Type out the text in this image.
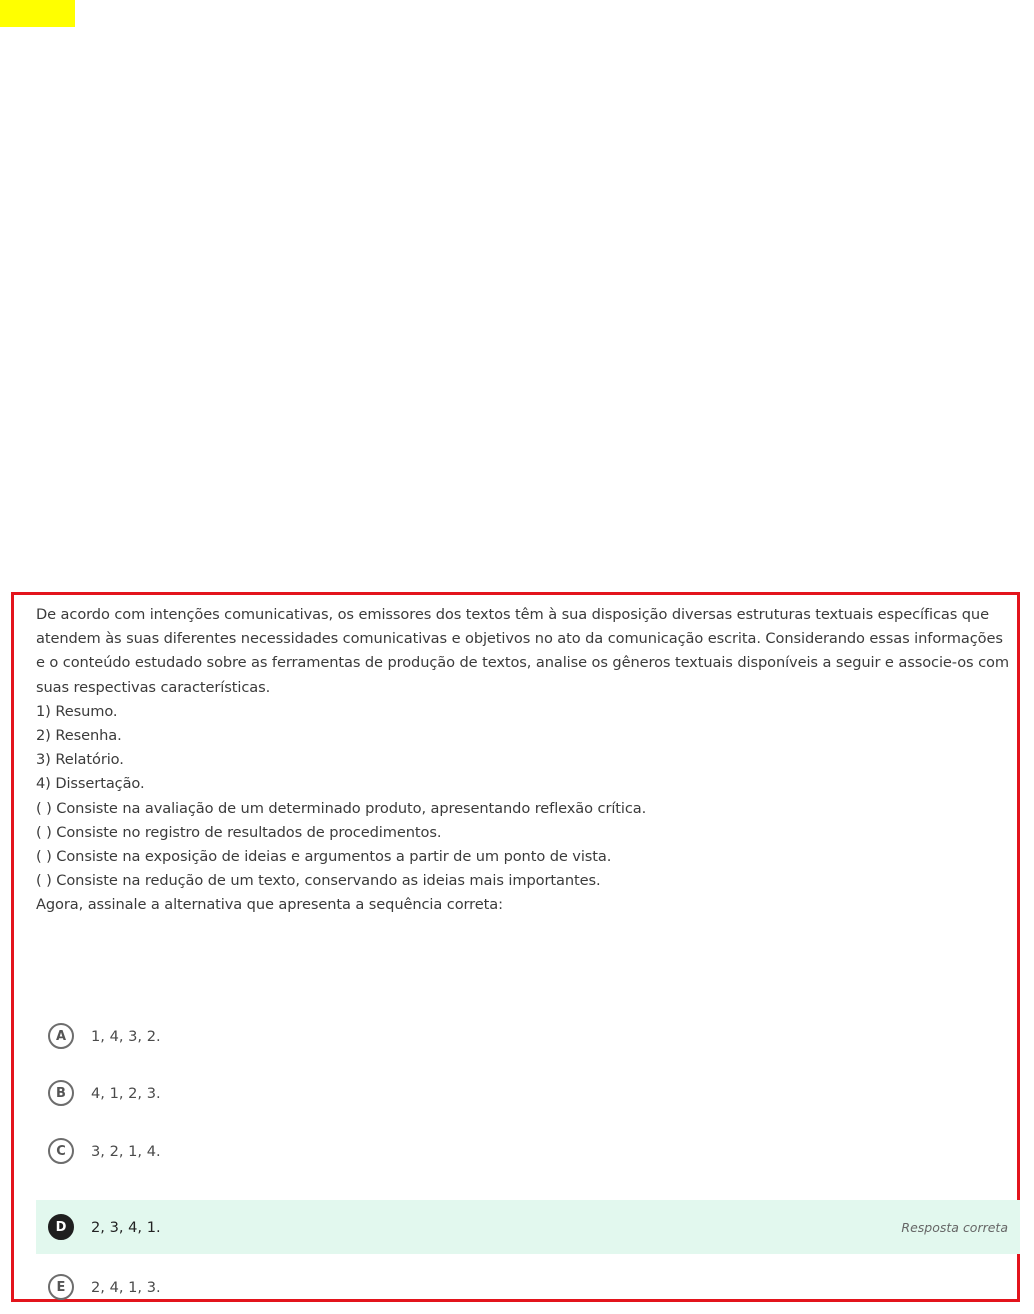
De acordo com intenções comunicativas, os emissores dos textos têm à sua disposição diversas estruturas textuais específicas que atendem às suas diferentes necessidades comunicativas e objetivos no ato da comunicação escrita. Considerando essas informações e o conteúdo estudado sobre as ferramentas de produção de textos, analise os gêneros textuais disponíveis a seguir e associe-os com suas respectivas características.
1) Resumo.
2) Resenha.
3) Relatório.
4) Dissertação.
( ) Consiste na avaliação de um determinado produto, apresentando reflexão crítica.
( ) Consiste no registro de resultados de procedimentos.
( ) Consiste na exposição de ideias e argumentos a partir de um ponto de vista.
( ) Consiste na redução de um texto, conservando as ideias mais importantes.
Agora, assinale a alternativa que apresenta a sequência correta:
A	1, 4, 3, 2.
B	4, 1, 2, 3.
C	3, 2, 1, 4.
D	2, 3, 4, 1.	Resposta correta
E	2, 4, 1, 3.
